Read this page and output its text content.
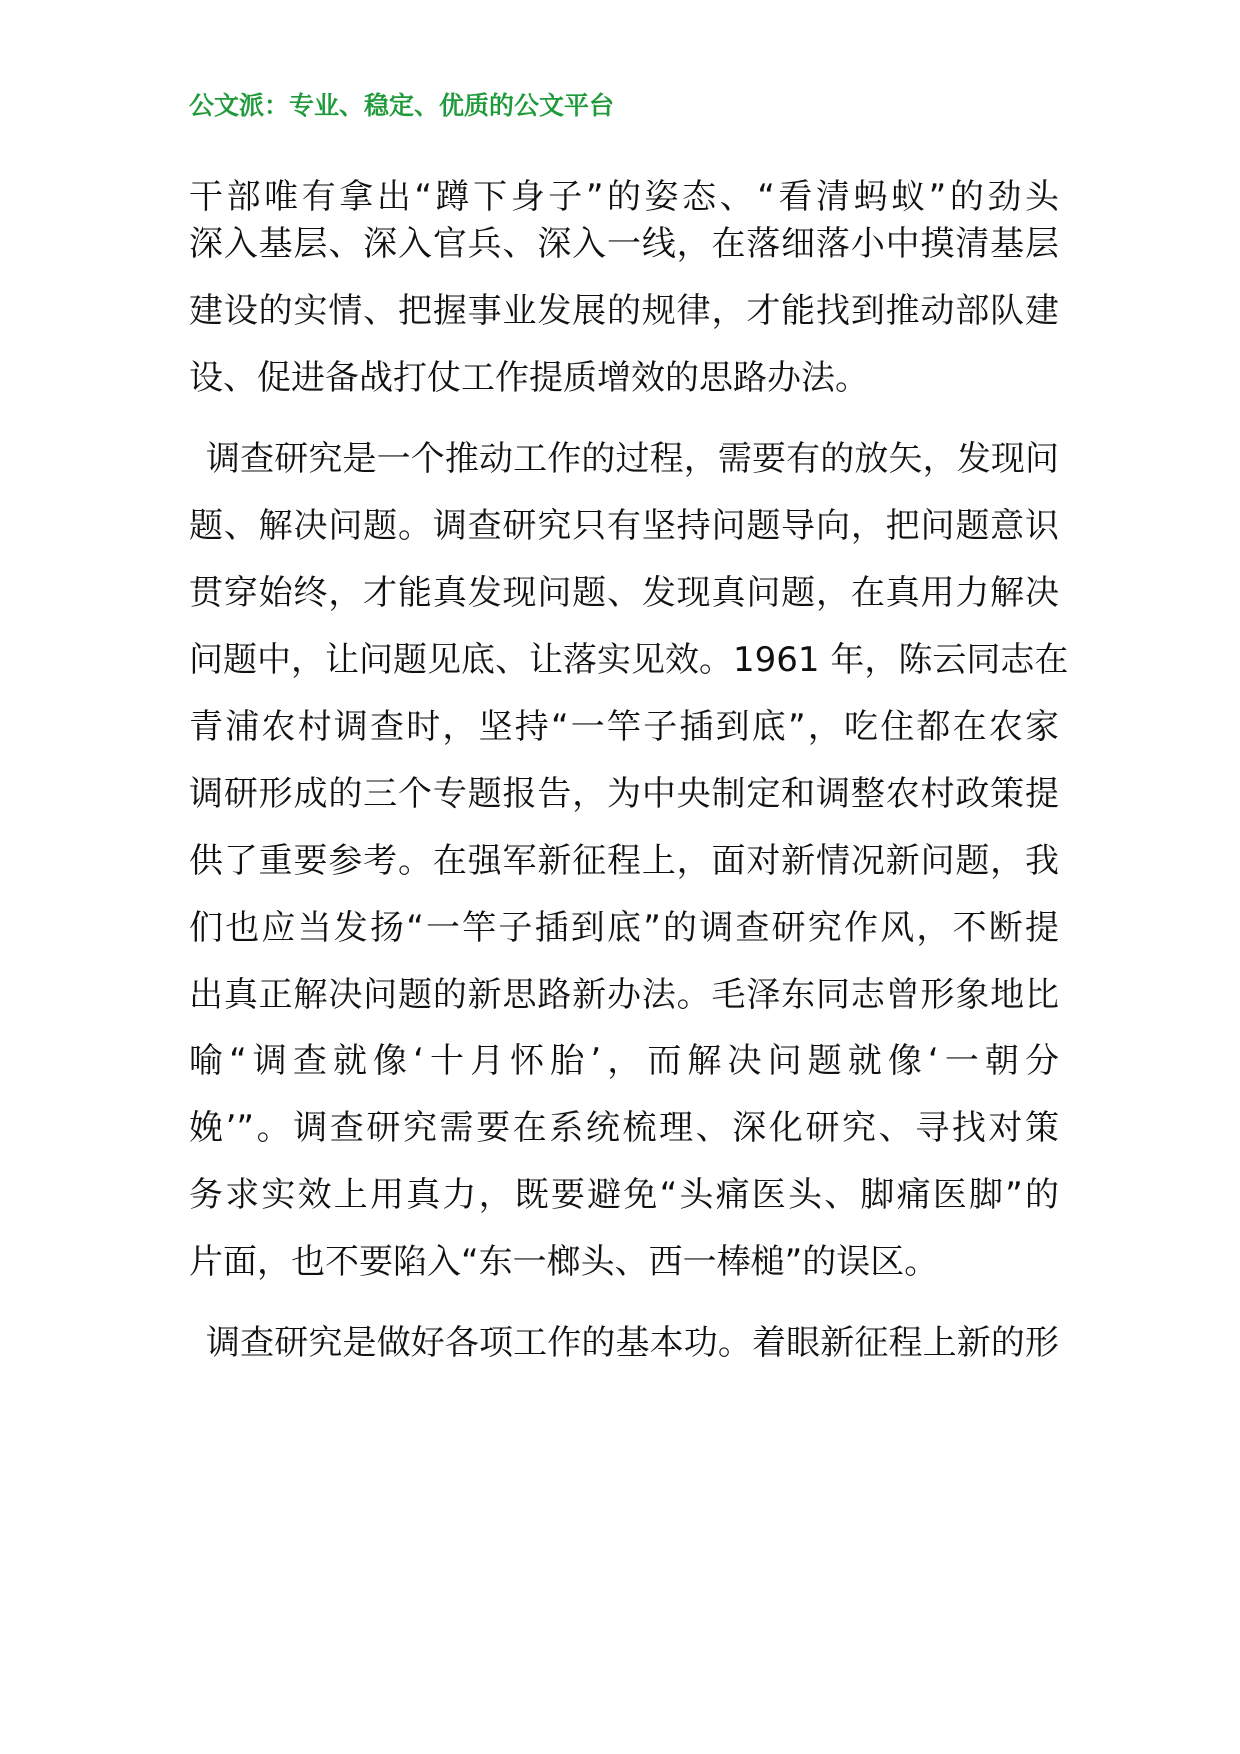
公文派：专业、稳定、优质的公文平台
干部唯有拿出“蹲下身子”的姿态、“看清蚂蚁”的劲头
深入基层、深入官兵、深入一线，在落细落小中摸清基层
建设的实情、把握事业发展的规律，才能找到推动部队建
设、促进备战打仗工作提质增效的思路办法。
调查研究是一个推动工作的过程，需要有的放矢，发现问
题、解决问题。调查研究只有坚持问题导向，把问题意识
贯穿始终，才能真发现问题、发现真问题，在真用力解决
问题中，让问题见底、让落实见效。1961 年，陈云同志在
青浦农村调查时，坚持“一竿子插到底”，吃住都在农家
调研形成的三个专题报告，为中央制定和调整农村政策提
供了重要参考。在强军新征程上，面对新情况新问题，我
们也应当发扬“一竿子插到底”的调查研究作风，不断提
出真正解决问题的新思路新办法。毛泽东同志曾形象地比
喻“调查就像‘十月怀胎’，而解决问题就像‘一朝分
娩’”。调查研究需要在系统梳理、深化研究、寻找对策
务求实效上用真力，既要避免“头痛医头、脚痛医脚”的
片面，也不要陷入“东一榔头、西一棒槌”的误区。
调查研究是做好各项工作的基本功。着眼新征程上新的形
